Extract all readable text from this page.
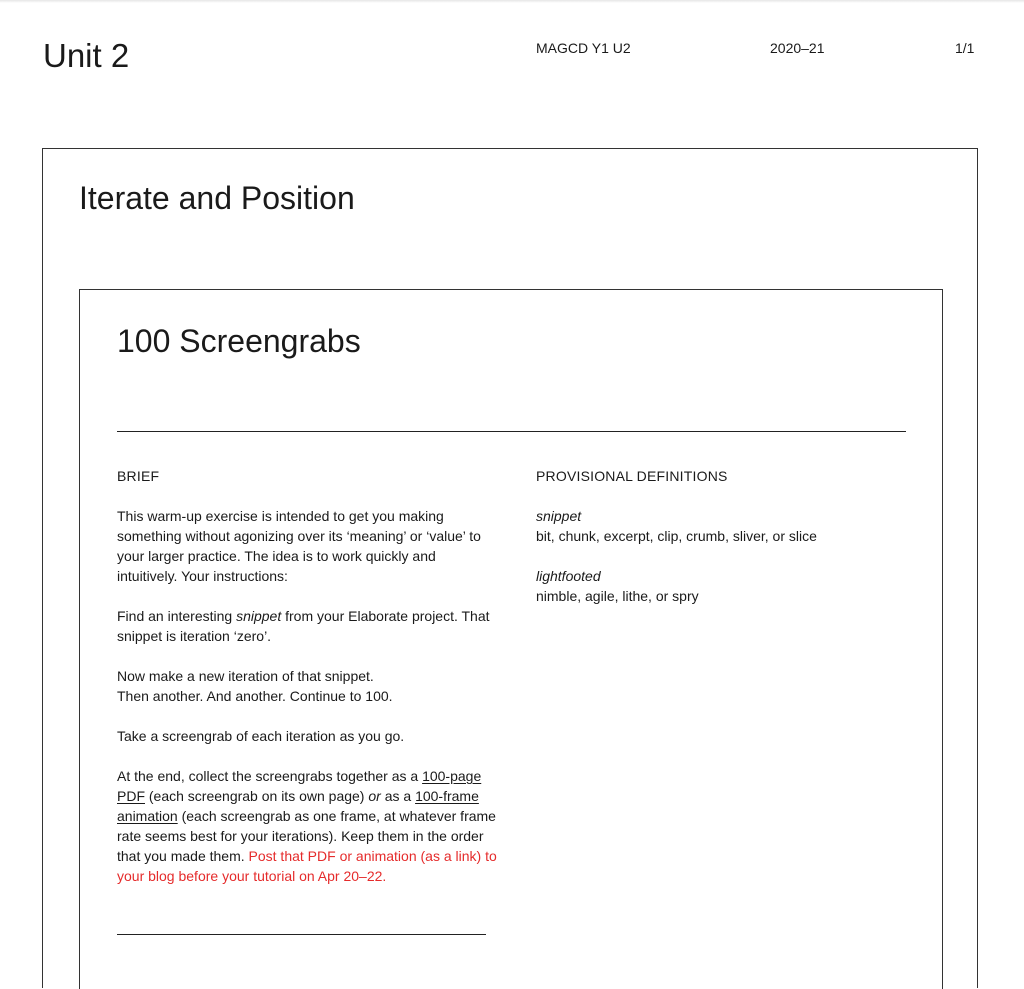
Unit 2	MAGCD Y1 U2	2020–21	1/1
Iterate and Position
100 Screengrabs
BRIEF	PROVISIONAL DEFINITIONS

This warm-up exercise is intended to get you making something without agonizing over its ‘meaning’ or ‘value’ to your larger practice. The idea is to work quickly and intuitively. Your instructions:

Find an interesting snippet from your Elaborate project. That snippet is iteration ‘zero’.

Now make a new iteration of that snippet.
Then another. And another. Continue to 100.

Take a screengrab of each iteration as you go.

At the end, collect the screengrabs together as a 100-page PDF (each screengrab on its own page) or as a 100-frame animation (each screengrab as one frame, at whatever frame rate seems best for your iterations). Keep them in the order that you made them. Post that PDF or animation (as a link) to your blog before your tutorial on Apr 20–22.

snippet
bit, chunk, excerpt, clip, crumb, sliver, or slice
lightfooted
nimble, agile, lithe, or spry
